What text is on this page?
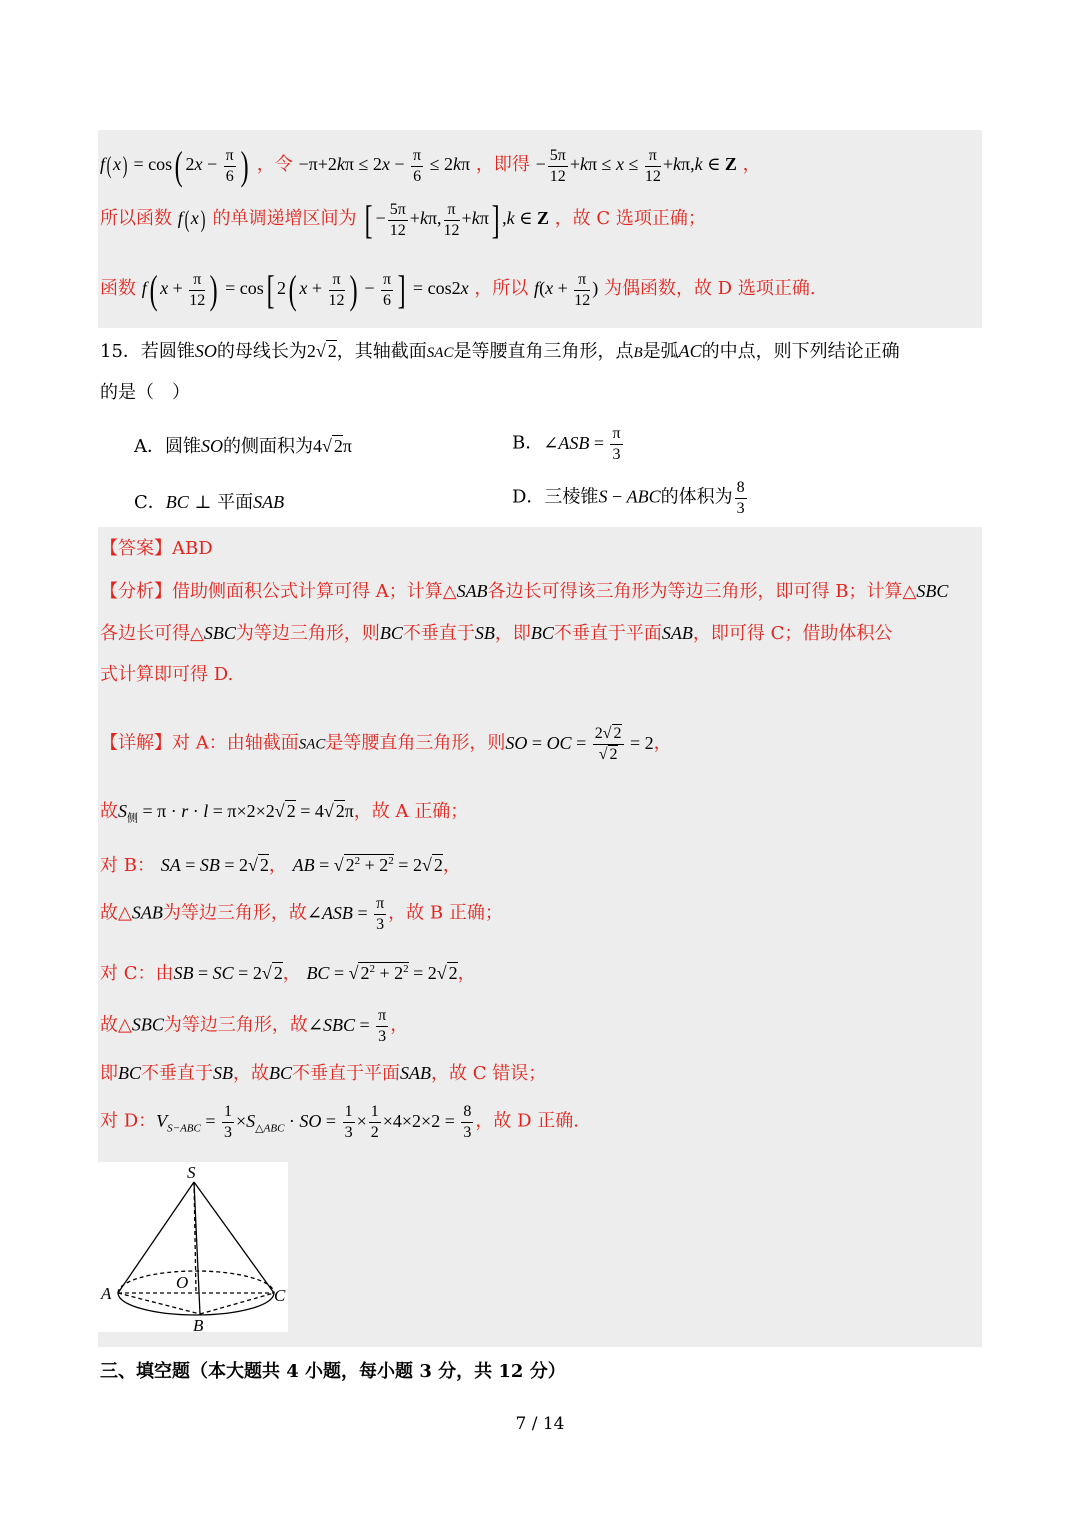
f(x) = cos( $2x - \frac{\pi}{6}$ ) ，令 $-\pi+2k\pi \le 2x - \frac{\pi}{6} \le 2k\pi$ ，即得 − $\frac{5\pi}{12} +k\pi \le x \le \frac{\pi}{12} +k\pi,k$ ∈ Z ，
所以函数 f(x) 的单调递增区间为 [ − $\frac{5\pi}{12} +k\pi$, $\frac{\pi}{12} +k\pi$] ,k ∈ Z ，故 C 选项正确；
函数 f( $x + \frac{\pi}{12}$ ) = cos[ 2( $x + \frac{\pi}{12}$ ) − $\frac{\pi}{6}$ ] = cos2x ，所以 $f(x + \frac{\pi}{12}$ ) 为偶函数，故 D 选项正确.
15．若圆锥SO的母线长为2√ 2，其轴截面SAC是等腰直角三角形，点B是弧AC的中点，则下列结论正确
的是（　）
A．圆锥SO的侧面积为4√ 2π	B．∠ASB = $\frac{\pi}{3}$
C．BC ⊥ 平面SAB	D．三棱锥S − ABC的体积为 $\frac{8}{3}$
【答案】ABD
【分析】借助侧面积公式计算可得 A；计算△SAB各边长可得该三角形为等边三角形，即可得 B；计算△SBC
各边长可得△SBC为等边三角形，则BC不垂直于SB，即BC不垂直于平面SAB，即可得 C；借助体积公
式计算即可得 D.
【详解】对 A：由轴截面SAC是等腰直角三角形，则SO = OC = $\frac{2√ 2}{√ 2} = 2$，
故$S_侧 = \pi \cdot r \cdot l = \pi\times 2\times 2√$ 2 = 4√ 2π，故 A 正确；
对 B： SA = SB = 2√ 2， AB = √ $2^2 + 2^2 = 2√$ 2，
故△SAB为等边三角形，故∠ASB = $\frac{\pi}{3}$ ，故 B 正确；
对 C：由SB = SC = 2√ 2， BC = √ $2^2 + 2^2 = 2√$ 2，
故△SBC为等边三角形，故∠SBC = $\frac{\pi}{3}$ ，
即BC不垂直于SB，故BC不垂直于平面SAB，故 C 错误；
对 D：$V_{S-ABC} = \frac{1}{3} \times S_{\triangle ABC}$ · SO = $\frac{1}{3} \times \frac{1}{2} \times 4\times 2\times 2 = \frac{8}{3}$ ，故 D 正确.
S
O
A	C
B
三、填空题（本大题共 4 小题，每小题 3 分，共 12 分）
7 / 14
